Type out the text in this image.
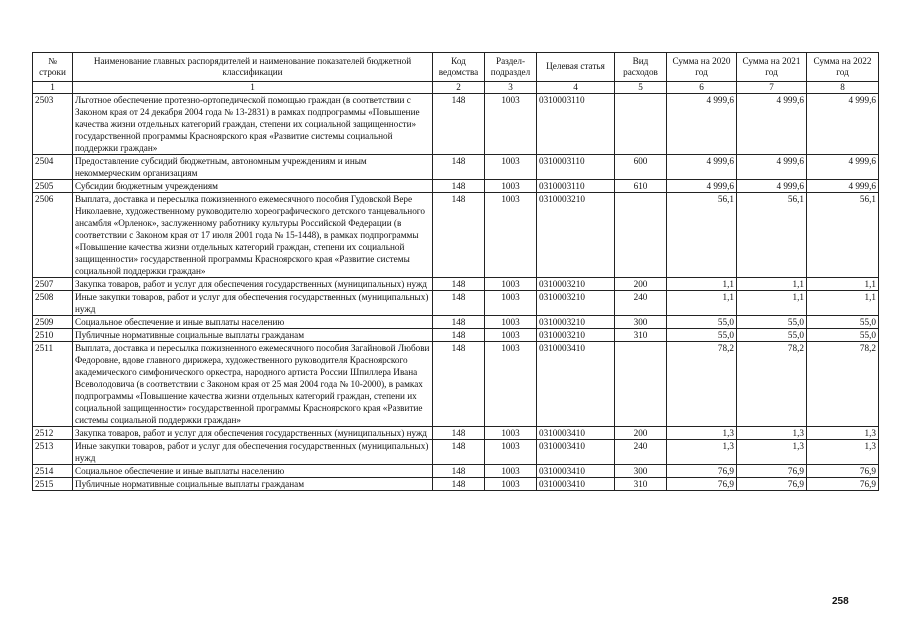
№ строки	Наименование главных распорядителей и наименование показателей бюджетной классификации	Код ведомства	Раздел-подраздел	Целевая статья	Вид расходов	Сумма на 2020 год	Сумма на 2021 год	Сумма на 2022 год
1	1	2	3	4	5	6	7	8
2503	Льготное обеспечение протезно-ортопедической помощью граждан (в соответствии с Законом края от 24 декабря 2004 года № 13-2831) в рамках подпрограммы «Повышение качества жизни отдельных категорий граждан, степени их социальной защищенности» государственной программы Красноярского края «Развитие системы социальной поддержки граждан»	148	1003	0310003110		4 999,6	4 999,6	4 999,6
2504	Предоставление субсидий бюджетным, автономным учреждениям и иным некоммерческим организациям	148	1003	0310003110	600	4 999,6	4 999,6	4 999,6
2505	Субсидии бюджетным учреждениям	148	1003	0310003110	610	4 999,6	4 999,6	4 999,6
2506	Выплата, доставка и пересылка пожизненного ежемесячного пособия Гудовской Вере Николаевне, художественному руководителю хореографического детского танцевального ансамбля «Орленок», заслуженному работнику культуры Российской Федерации (в соответствии с Законом края от 17 июля 2001 года № 15-1448), в рамках подпрограммы «Повышение качества жизни отдельных категорий граждан, степени их социальной защищенности» государственной программы Красноярского края «Развитие системы социальной поддержки граждан»	148	1003	0310003210		56,1	56,1	56,1
2507	Закупка товаров, работ и услуг для обеспечения государственных (муниципальных) нужд	148	1003	0310003210	200	1,1	1,1	1,1
2508	Иные закупки товаров, работ и услуг для обеспечения государственных (муниципальных) нужд	148	1003	0310003210	240	1,1	1,1	1,1
2509	Социальное обеспечение и иные выплаты населению	148	1003	0310003210	300	55,0	55,0	55,0
2510	Публичные нормативные социальные выплаты гражданам	148	1003	0310003210	310	55,0	55,0	55,0
2511	Выплата, доставка и пересылка пожизненного ежемесячного пособия Загайновой Любови Федоровне, вдове главного дирижера, художественного руководителя Красноярского академического симфонического оркестра, народного артиста России Шпиллера Ивана Всеволодовича (в соответствии с Законом края от 25 мая 2004 года № 10-2000), в рамках подпрограммы «Повышение качества жизни отдельных категорий граждан, степени их социальной защищенности» государственной программы Красноярского края «Развитие системы социальной поддержки граждан»	148	1003	0310003410		78,2	78,2	78,2
2512	Закупка товаров, работ и услуг для обеспечения государственных (муниципальных) нужд	148	1003	0310003410	200	1,3	1,3	1,3
2513	Иные закупки товаров, работ и услуг для обеспечения государственных (муниципальных) нужд	148	1003	0310003410	240	1,3	1,3	1,3
2514	Социальное обеспечение и иные выплаты населению	148	1003	0310003410	300	76,9	76,9	76,9
2515	Публичные нормативные социальные выплаты гражданам	148	1003	0310003410	310	76,9	76,9	76,9
258
